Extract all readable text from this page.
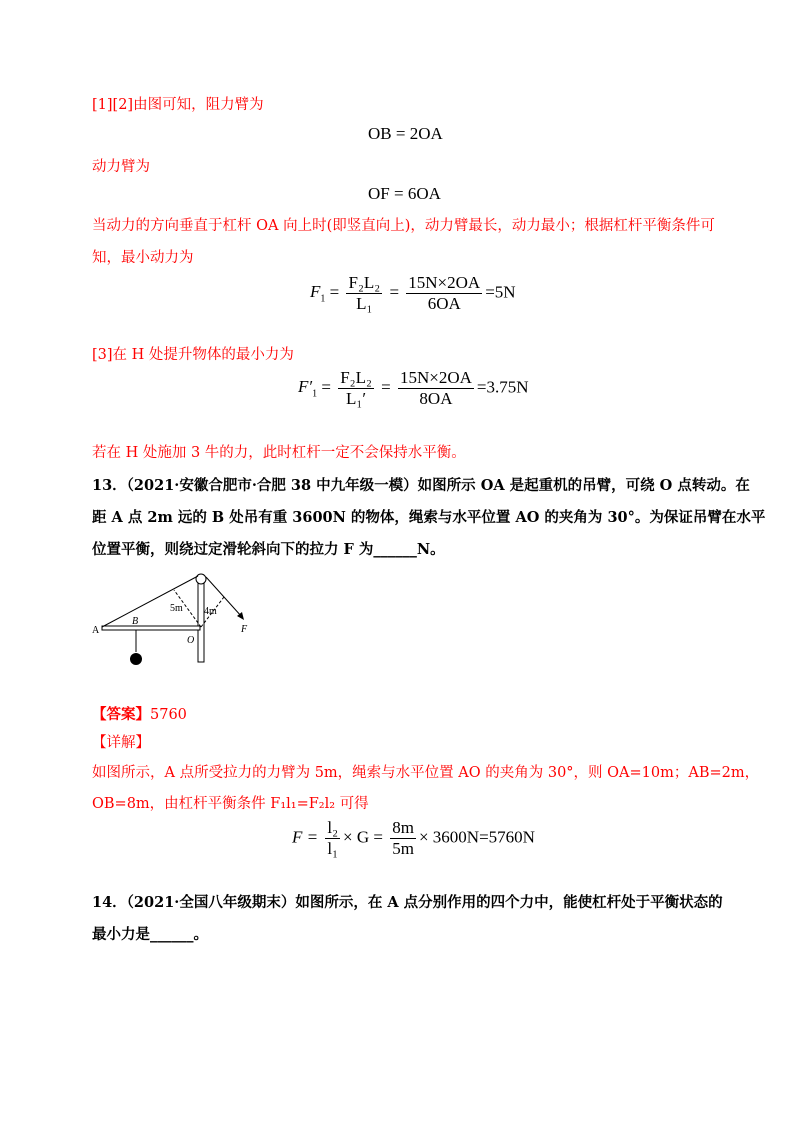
[1][2]由图可知，阻力臂为
OB = 2OA
动力臂为
OF = 6OA
当动力的方向垂直于杠杆 OA 向上时(即竖直向上)，动力臂最长，动力最小；根据杠杆平衡条件可
知，最小动力为
$F_1 = \frac{\text{F₂L₂}}{\text{L₁}} = \frac{15N\times 2OA}{6OA} =5N$
[3]在 H 处提升物体的最小力为
$F'_1 = \frac{\text{F₂L₂}}{\text{L₁′}} = \frac{15N\times 2OA}{8OA} =3.75N$
若在 H 处施加 3 牛的力，此时杠杆一定不会保持水平衡。
13．（2021·安徽合肥市·合肥 38 中九年级一模）如图所示 OA 是起重机的吊臂，可绕 O 点转动。在
距 A 点 2m 远的 B 处吊有重 3600N 的物体，绳索与水平位置 AO 的夹角为 30°。为保证吊臂在水平
位置平衡，则绕过定滑轮斜向下的拉力 F 为______N。
A
B
O
F
5m 4m
【答案】5760
【详解】
如图所示，A 点所受拉力的力臂为 5m，绳索与水平位置 AO 的夹角为 30°，则 OA=10m；AB=2m，
OB=8m，由杠杆平衡条件 F₁l₁=F₂l₂ 可得
$F = \frac{\text{l₂}}{\text{l₁}} \times G = \frac{8m}{5m} \times 3600N=5760N$
14．（2021·全国八年级期末）如图所示，在 A 点分别作用的四个力中，能使杠杆处于平衡状态的
最小力是______。
